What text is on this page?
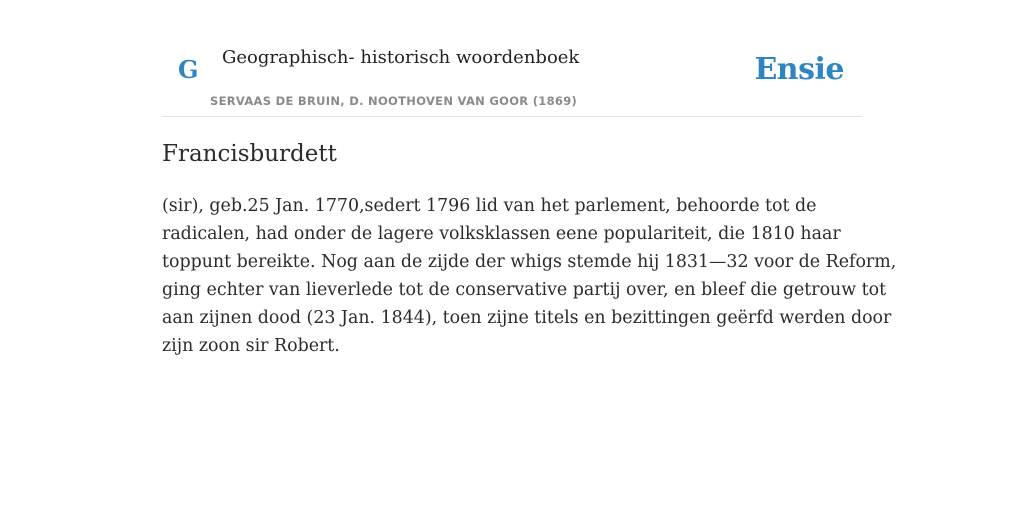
G Geographisch- historisch woordenboek
SERVAAS DE BRUIN, D. NOOTHOVEN VAN GOOR (1869)
Ensie
Francisburdett
(sir), geb.25 Jan. 1770,sedert 1796 lid van het parlement, behoorde tot de
radicalen, had onder de lagere volksklassen eene populariteit, die 1810 haar
toppunt bereikte. Nog aan de zijde der whigs stemde hij 1831—32 voor de Reform,
ging echter van lieverlede tot de conservative partij over, en bleef die getrouw tot
aan zijnen dood (23 Jan. 1844), toen zijne titels en bezittingen geërfd werden door
zijn zoon sir Robert.
